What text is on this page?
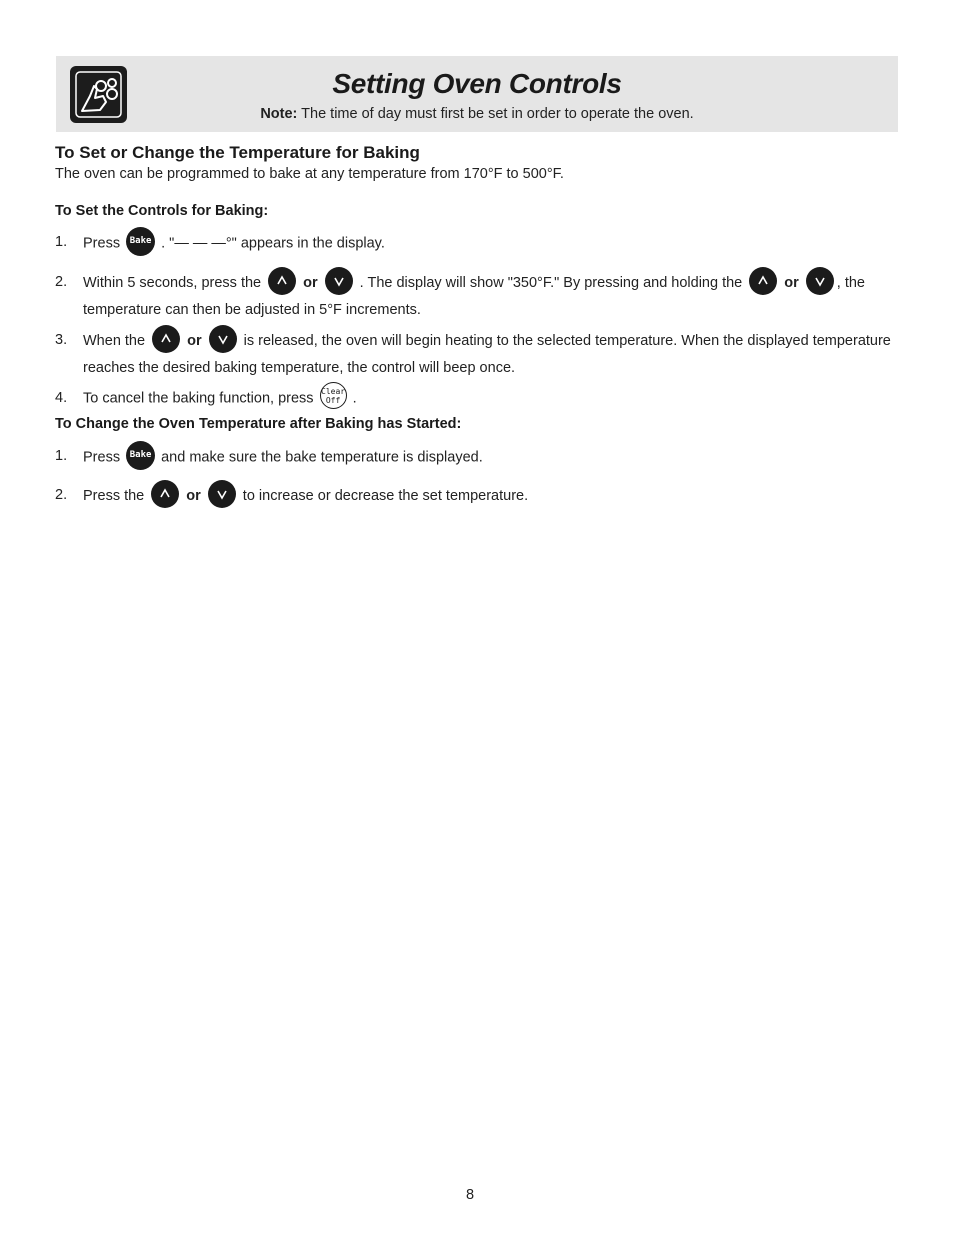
Setting Oven Controls
Note: The time of day must first be set in order to operate the oven.
To Set or Change the Temperature for Baking
The oven can be programmed to bake at any temperature from 170°F to 500°F.
To Set the Controls for Baking:
1. Press Bake . "— — —°" appears in the display.
2. Within 5 seconds, press the	or	. The display will show "350°F." By pressing and holding the	or	, the temperature can then be adjusted in 5°F increments.
3. When the	or	is released, the oven will begin heating to the selected temperature. When the displayed temperature reaches the desired baking temperature, the control will beep once.
4. To cancel the baking function, press Clear
Off .
To Change the Oven Temperature after Baking has Started:
1. Press Bake and make sure the bake temperature is displayed.
2. Press the	or	to increase or decrease the set temperature.
8
